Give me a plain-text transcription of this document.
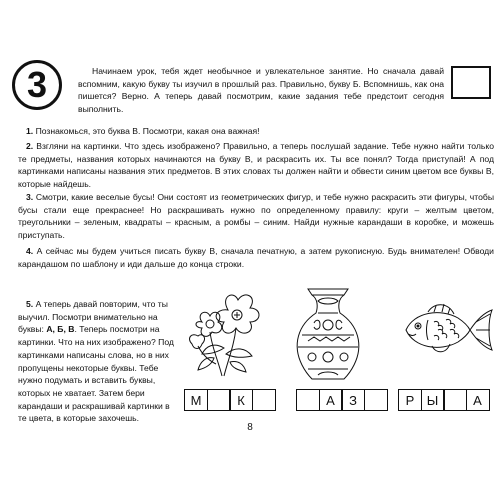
3	Начинаем урок, тебя ждет необычное и увлекательное занятие. Но сначала давай вспомним, какую букву ты изучил в прошлый раз. Правильно, букву Б. Вспомнишь, как она пишется? Верно. А теперь давай посмотрим, какие задания тебе предстоит сегодня выполнить.

1. Познакомься, это буква В. Посмотри, какая она важная!

2. Взгляни на картинки. Что здесь изображено? Правильно, а теперь послушай задание. Тебе нужно найти только те предметы, названия которых начинаются на букву В, и раскрасить их. Ты все понял? Тогда приступай! А под картинками написаны названия этих предметов. В этих словах ты должен найти и обвести синим цветом все буквы В, которые найдешь.

3. Смотри, какие веселые бусы! Они состоят из геометрических фигур, и тебе нужно раскрасить эти фигуры, чтобы бусы стали еще прекраснее! Но раскрашивать нужно по определенному правилу: круги – желтым цветом, треугольники – зеленым, квадраты – красным, а ромбы – синим. Найди нужные карандаши в коробке, и можешь приступать.

4. А сейчас мы будем учиться писать букву В, сначала печатную, а затем рукописную. Будь внимателен! Обводи карандашом по шаблону и иди дальше до конца строки.

5. А теперь давай повторим, что ты выучил. Посмотри внимательно на буквы: А, Б, В. Теперь посмотри на картинки. Что на них изображено? Под картинками написаны слова, но в них пропущены некоторые буквы. Тебе нужно подумать и вставить буквы, которых не хватает. Затем бери карандаши и раскрашивай картинки в те цвета, в которые захочешь.

М	К	А	З	Р Ы	А
8
